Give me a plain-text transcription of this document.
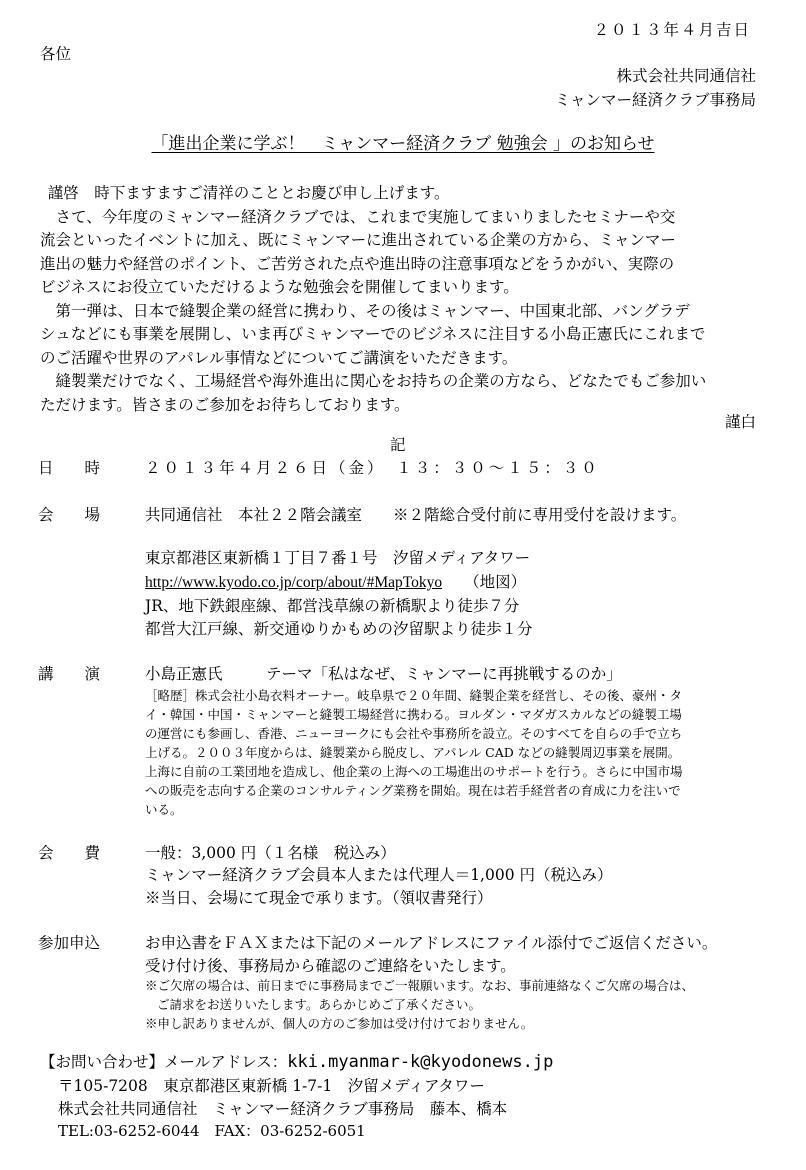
２０１３年４月吉日
各位
株式会社共同通信社
ミャンマー経済クラブ事務局
「進出企業に学ぶ！　ミャンマー経済クラブ 勉強会 」のお知らせ

謹啓　時下ますますご清祥のこととお慶び申し上げます。

さて、今年度のミャンマー経済クラブでは、これまで実施してまいりましたセミナーや交

流会といったイベントに加え、既にミャンマーに進出されている企業の方から、ミャンマー

進出の魅力や経営のポイント、ご苦労された点や進出時の注意事項などをうかがい、実際の

ビジネスにお役立ていただけるような勉強会を開催してまいります。

第一弾は、日本で縫製企業の経営に携わり、その後はミャンマー、中国東北部、バングラデ

シュなどにも事業を展開し、いま再びミャンマーでのビジネスに注目する小島正憲氏にこれまで

のご活躍や世界のアパレル事情などについてご講演をいただきます。

縫製業だけでなく、工場経営や海外進出に関心をお持ちの企業の方なら、どなたでもご参加い

ただけます。皆さまのご参加をお待ちしております。

謹白
記
日　　時	２０１３年４月２６日（金）　１３：３０〜１５：３０
会　　場	共同通信社　本社２２階会議室　　※２階総合受付前に専用受付を設けます。
東京都港区東新橋１丁目７番１号　汐留メディアタワー
http://www.kyodo.co.jp/corp/about/#MapTokyo （地図）
JR、地下鉄銀座線、都営浅草線の新橋駅より徒歩７分
都営大江戸線、新交通ゆりかもめの汐留駅より徒歩１分
講　　演	小島正憲氏	テーマ「私はなぜ、ミャンマーに再挑戦するのか」

［略歴］株式会社小島衣料オーナー。岐阜県で２０年間、縫製企業を経営し、その後、豪州・タ

イ・韓国・中国・ミャンマーと縫製工場経営に携わる。ヨルダン・マダガスカルなどの縫製工場

の運営にも参画し、香港、ニューヨークにも会社や事務所を設立。そのすべてを自らの手で立ち

上げる。２００３年度からは、縫製業から脱皮し、アパレル CAD などの縫製周辺事業を展開。

上海に自前の工業団地を造成し、他企業の上海への工場進出のサポートを行う。さらに中国市場

への販売を志向する企業のコンサルティング業務を開始。現在は若手経営者の育成に力を注いで

いる。

会　　費	一般：3,000 円（１名様　税込み）
ミャンマー経済クラブ会員本人または代理人＝1,000 円（税込み）
※当日、会場にて現金で承ります。（領収書発行）
参加申込	お申込書をＦＡＸまたは下記のメールアドレスにファイル添付でご返信ください。
受け付け後、事務局から確認のご連絡をいたします。
※ご欠席の場合は、前日までに事務局までご一報願います。なお、事前連絡なくご欠席の場合は、
ご請求をお送りいたします。あらかじめご了承ください。
※申し訳ありませんが、個人の方のご参加は受け付けておりません。
【お問い合わせ】メールアドレス：kki.myanmar-k@kyodonews.jp
〒105-7208　東京都港区東新橋 1-7-1　汐留メディアタワー
株式会社共同通信社　ミャンマー経済クラブ事務局　藤本、橋本
TEL:03-6252-6044　FAX：03-6252-6051
